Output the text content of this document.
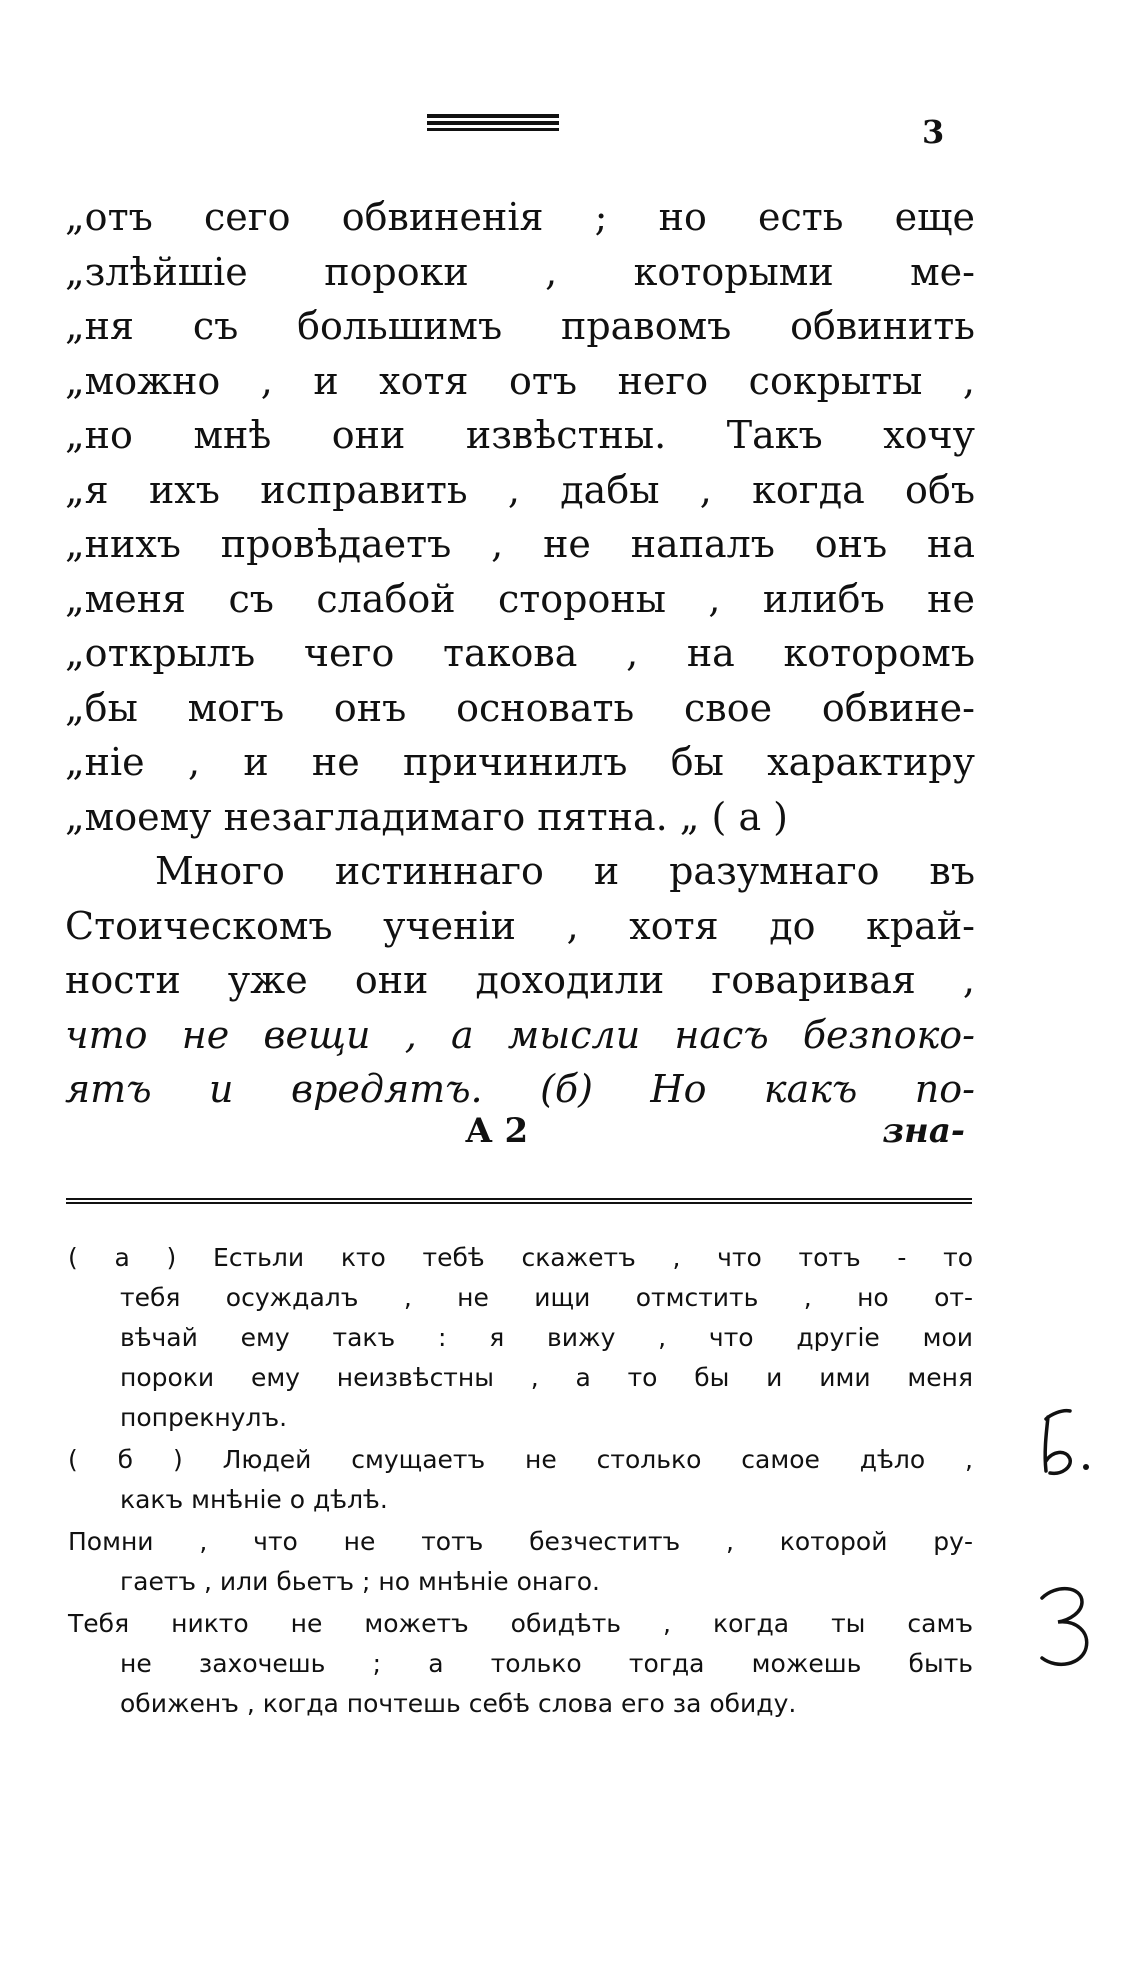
3
„отъ сего обвиненія ; но есть еще
„злѣйшіе пороки , которыми ме-
„ня съ большимъ правомъ обвинить
„можно , и хотя отъ него сокрыты ,
„но мнѣ они извѣстны. Такъ хочу
„я ихъ исправить , дабы , когда объ
„нихъ провѣдаетъ , не напалъ онъ на
„меня съ слабой стороны , илибъ не
„открылъ чего такова , на которомъ
„бы могъ онъ основать свое обвине-
„ніе , и не причинилъ бы характиру
„моему незагладимаго пятна. „ ( а )
Много истиннаго и разумнаго въ
Стоическомъ ученіи , хотя до край-
ности уже они доходили говаривая ,
что не вещи , а мысли насъ безпоко-
ятъ и вредятъ. (б) Но какъ по-
А 2	зна-
( а ) Естьли кто тебѣ скажетъ , что тотъ - то
тебя осуждалъ , не ищи отмстить , но от-
вѣчай ему такъ : я вижу , что другіе мои
пороки ему неизвѣстны , а то бы и ими меня
попрекнулъ.
( б ) Людей смущаетъ не столько самое дѣло ,
какъ мнѣніе о дѣлѣ.
Помни , что не тотъ безчеститъ , которой ру-
гаетъ , или бьетъ ; но мнѣніе онаго.
Тебя никто не можетъ обидѣть , когда ты самъ
не захочешь ; а только тогда можешь быть
обиженъ , когда почтешь себѣ слова его за обиду.
